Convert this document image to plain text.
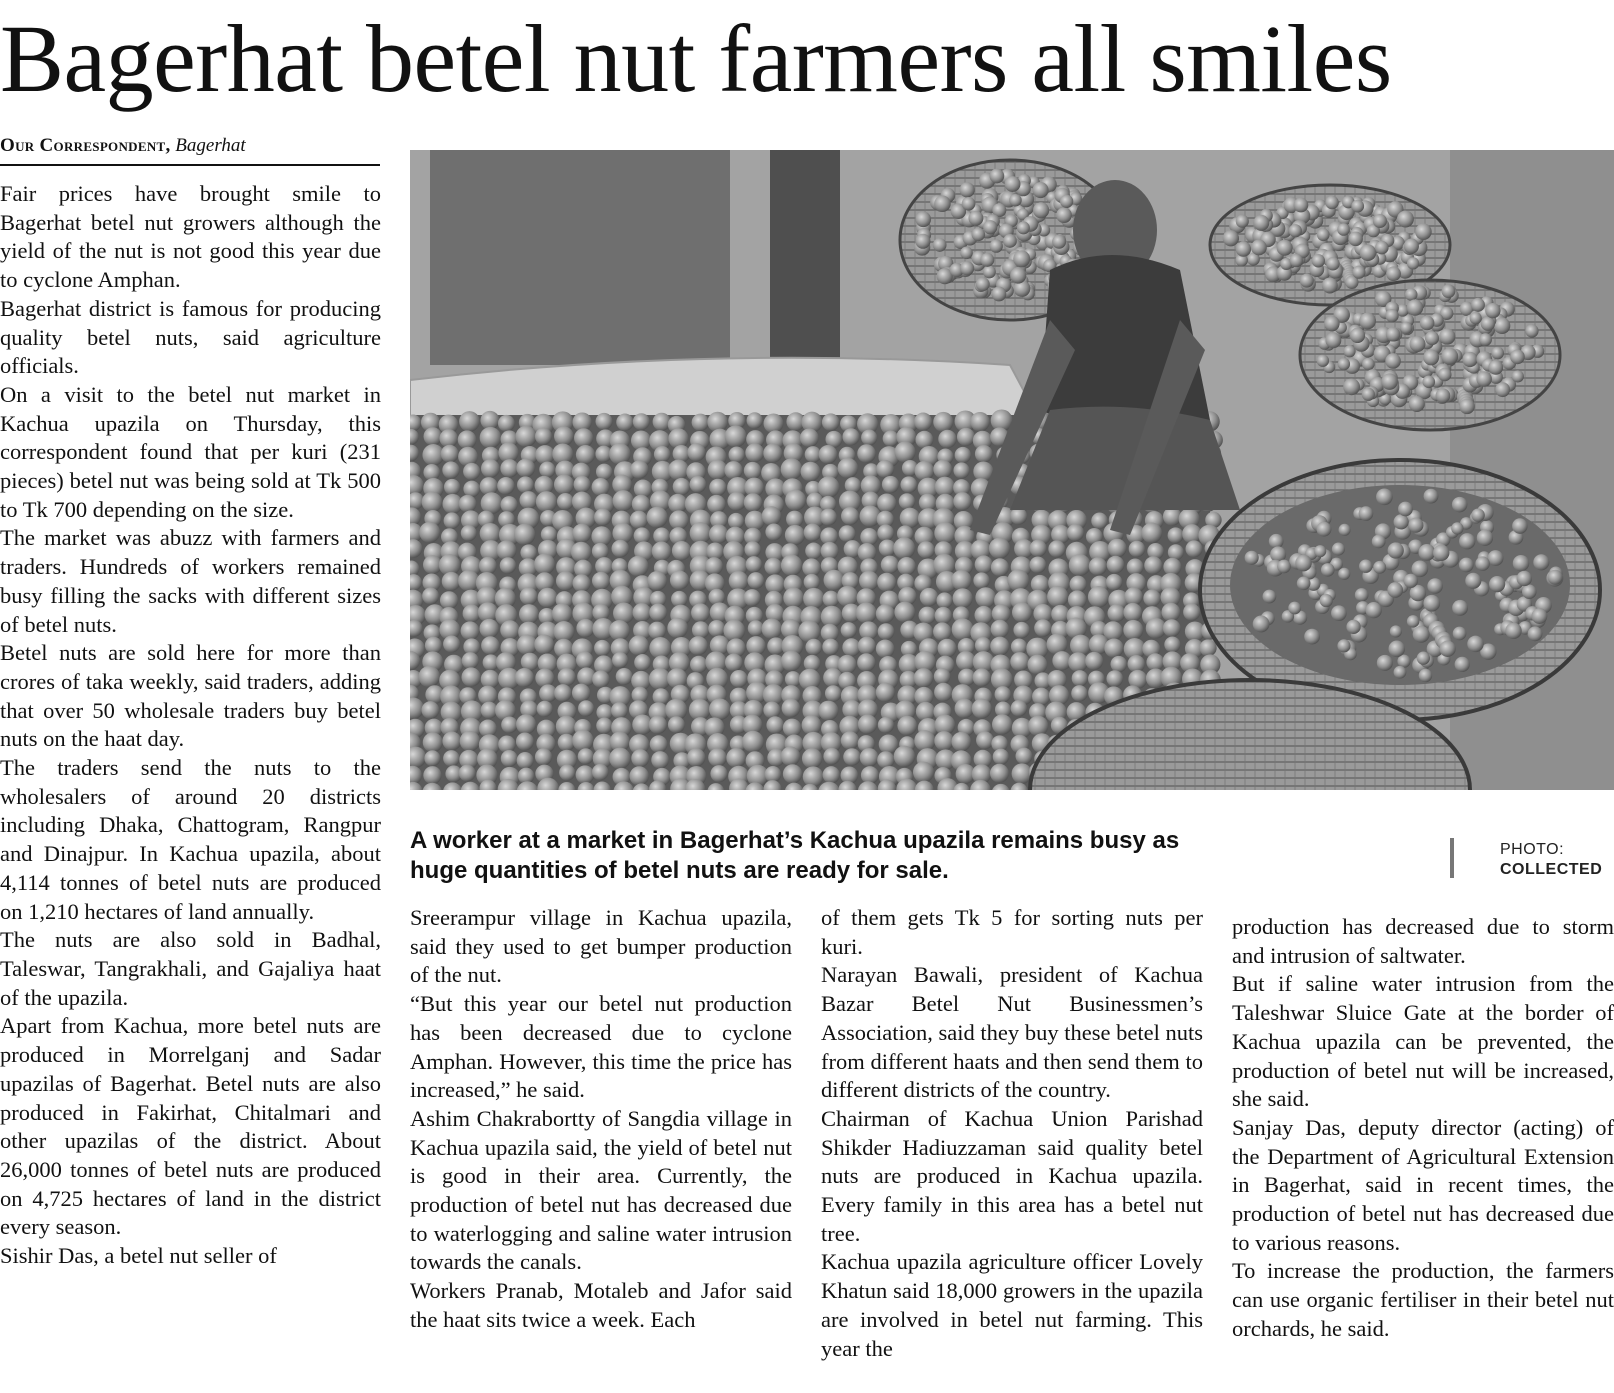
Bagerhat betel nut farmers all smiles
Our Correspondent, Bagerhat

Fair prices have brought smile to Bagerhat betel nut growers although the yield of the nut is not good this year due to cyclone Amphan.

Bagerhat district is famous for producing quality betel nuts, said agriculture officials.

On a visit to the betel nut market in Kachua upazila on Thursday, this correspondent found that per kuri (231 pieces) betel nut was being sold at Tk 500 to Tk 700 depending on the size.

The market was abuzz with farmers and traders. Hundreds of workers remained busy filling the sacks with different sizes of betel nuts.

Betel nuts are sold here for more than crores of taka weekly, said traders, adding that over 50 wholesale traders buy betel nuts on the haat day.

The traders send the nuts to the wholesalers of around 20 districts including Dhaka, Chattogram, Rangpur and Dinajpur. In Kachua upazila, about 4,114 tonnes of betel nuts are produced on 1,210 hectares of land annually.

The nuts are also sold in Badhal, Taleswar, Tangrakhali, and Gajaliya haat of the upazila.

Apart from Kachua, more betel nuts are produced in Morrelganj and Sadar upazilas of Bagerhat. Betel nuts are also produced in Fakirhat, Chitalmari and other upazilas of the district. About 26,000 tonnes of betel nuts are produced on 4,725 hectares of land in the district every season.

Sishir Das, a betel nut seller of

A worker at a market in Bagerhat’s Kachua upazila remains busy as huge quantities of betel nuts are ready for sale.
PHOTO:
COLLECTED

Sreerampur village in Kachua upazila, said they used to get bumper production of the nut.

“But this year our betel nut production has been decreased due to cyclone Amphan. However, this time the price has increased,” he said.

Ashim Chakrabortty of Sangdia village in Kachua upazila said, the yield of betel nut is good in their area. Currently, the production of betel nut has decreased due to waterlogging and saline water intrusion towards the canals.

Workers Pranab, Motaleb and Jafor said the haat sits twice a week. Each

of them gets Tk 5 for sorting nuts per kuri.

Narayan Bawali, president of Kachua Bazar Betel Nut Businessmen’s Association, said they buy these betel nuts from different haats and then send them to different districts of the country.

Chairman of Kachua Union Parishad Shikder Hadiuzzaman said quality betel nuts are produced in Kachua upazila. Every family in this area has a betel nut tree.

Kachua upazila agriculture officer Lovely Khatun said 18,000 growers in the upazila are involved in betel nut farming. This year the

production has decreased due to storm and intrusion of saltwater.

But if saline water intrusion from the Taleshwar Sluice Gate at the border of Kachua upazila can be prevented, the production of betel nut will be increased, she said.

Sanjay Das, deputy director (acting) of the Department of Agricultural Extension in Bagerhat, said in recent times, the production of betel nut has decreased due to various reasons.

To increase the production, the farmers can use organic fertiliser in their betel nut orchards, he said.
